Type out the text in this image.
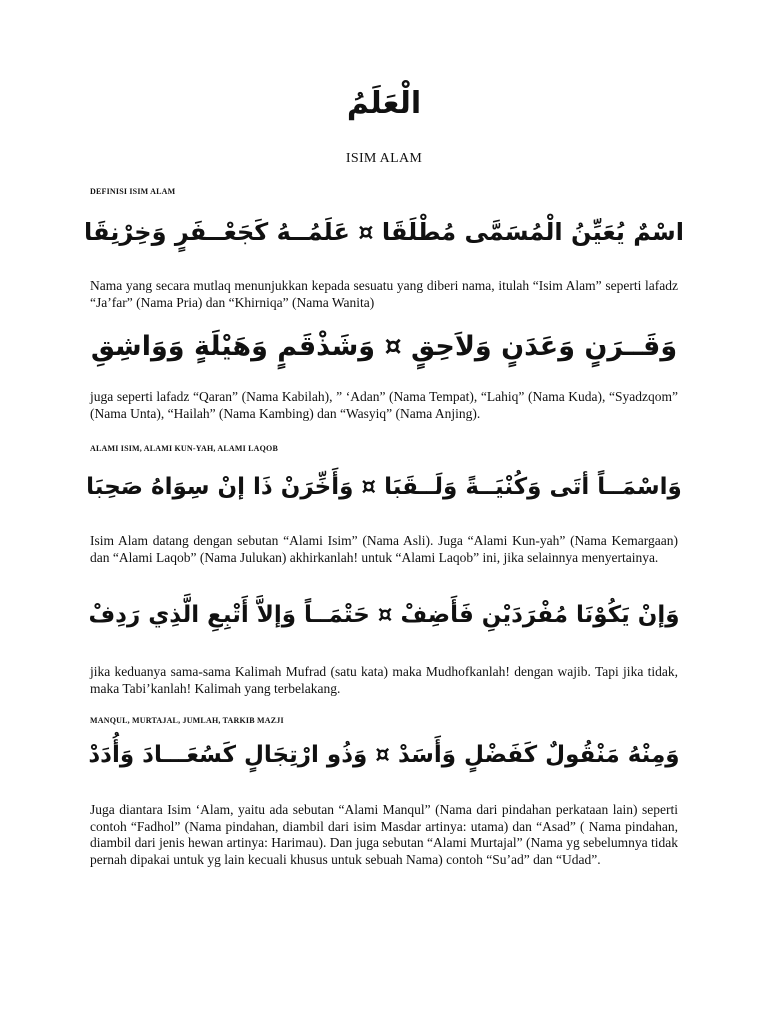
الْعَلَمُ
ISIM ALAM
DEFINISI ISIM ALAM
اسْمٌ يُعَيِّنُ الْمُسَمَّى مُطْلَقَا ¤ عَلَمُــهُ كَجَعْــفَرٍ وَخِرْنِقَا
Nama yang secara mutlaq menunjukkan kepada sesuatu yang diberi nama, itulah “Isim Alam” seperti lafadz “Ja’far” (Nama Pria) dan “Khirniqa” (Nama Wanita)
وَقَــرَنٍ وَعَدَنٍ وَلاَحِقٍ ¤ وَشَذْقَمٍ وَهَيْلَةٍ وَوَاشِقِ
juga seperti lafadz “Qaran” (Nama Kabilah), ” ‘Adan” (Nama Tempat), “Lahiq” (Nama Kuda), “Syadzqom” (Nama Unta), “Hailah” (Nama Kambing) dan “Wasyiq” (Nama Anjing).
ALAMI ISIM, ALAMI KUN-YAH, ALAMI LAQOB
وَاسْمَــاً أتَى وَكُنْيَــةً وَلَــقَبَا ¤ وَأَخِّرَنْ ذَا إنْ سِوَاهُ صَحِبَا
Isim Alam datang dengan sebutan “Alami Isim” (Nama Asli). Juga “Alami Kun-yah” (Nama Kemargaan) dan “Alami Laqob” (Nama Julukan) akhirkanlah! untuk “Alami Laqob” ini, jika selainnya menyertainya.
وَإنْ يَكُوْنَا مُفْرَدَيْنِ فَأَضِفْ ¤ حَتْمَــاً وَإلاَّ أَتْبِعِ الَّذِي رَدِفْ
jika keduanya sama-sama Kalimah Mufrad (satu kata) maka Mudhofkanlah! dengan wajib. Tapi jika tidak, maka Tabi’kanlah! Kalimah yang terbelakang.
MANQUL, MURTAJAL, JUMLAH, TARKIB MAZJI
وَمِنْهُ مَنْقُولٌ كَفَضْلٍ وَأَسَدْ ¤ وَذُو ارْتِجَالٍ كَسُعَـــادَ وَأُدَدْ
Juga diantara Isim ‘Alam, yaitu ada sebutan “Alami Manqul” (Nama dari pindahan perkataan lain) seperti contoh “Fadhol” (Nama pindahan, diambil dari isim Masdar artinya: utama) dan “Asad” ( Nama pindahan, diambil dari jenis hewan artinya: Harimau). Dan juga sebutan “Alami Murtajal” (Nama yg sebelumnya tidak pernah dipakai untuk yg lain kecuali khusus untuk sebuah Nama) contoh “Su’ad” dan “Udad”.
